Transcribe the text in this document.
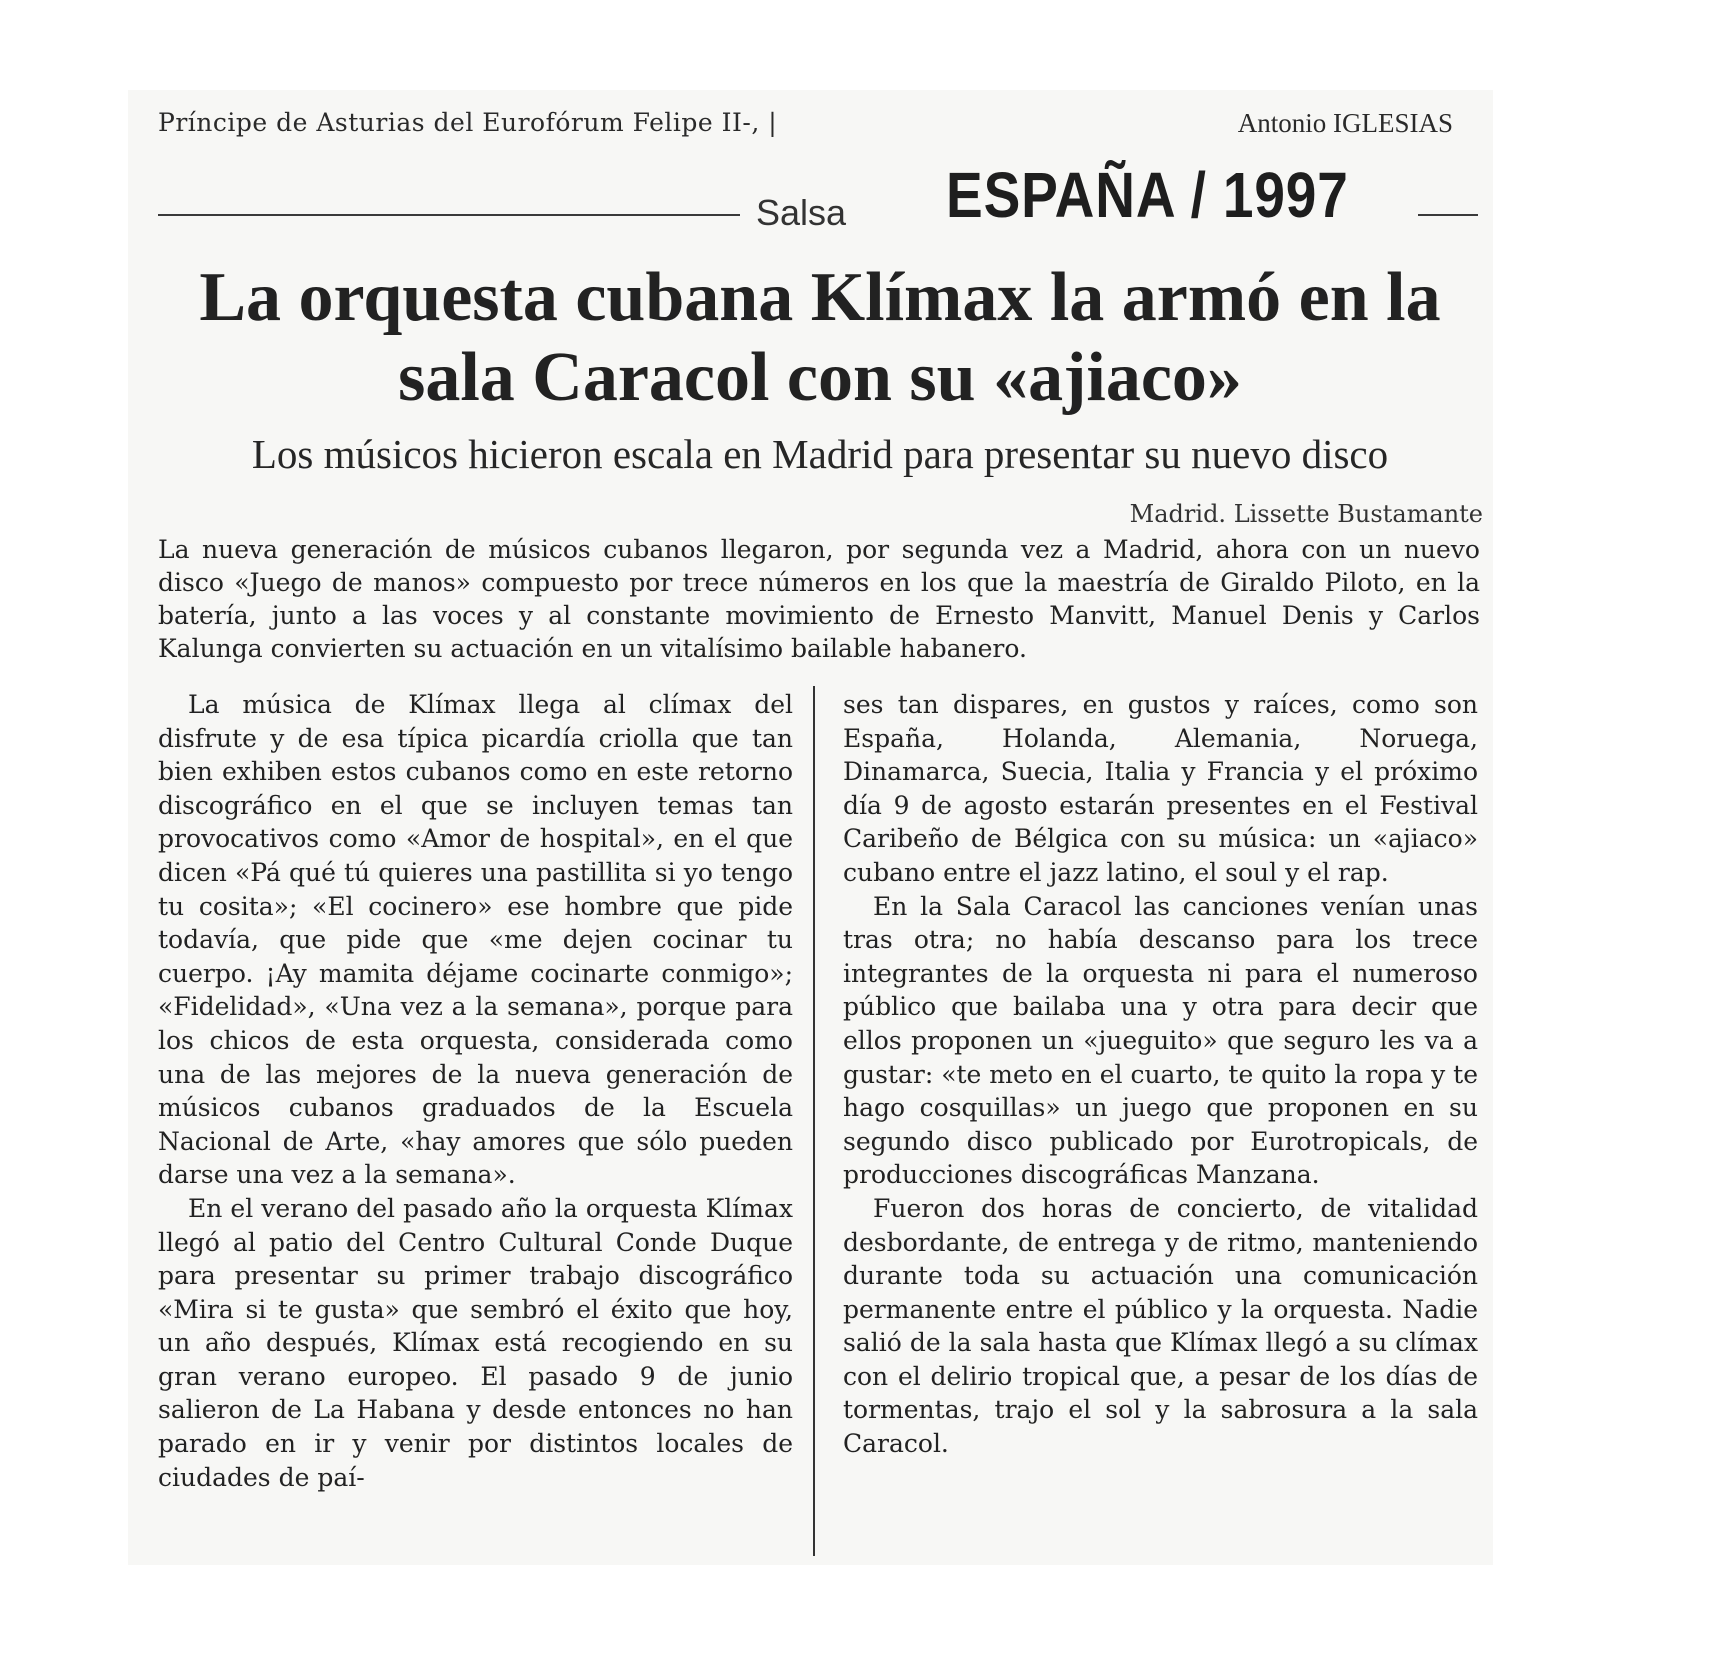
Príncipe de Asturias del Eurofórum Felipe II-, |	Antonio IGLESIAS
Salsa ESPAÑA / 1997
La orquesta cubana Klímax la armó en la sala Caracol con su «ajiaco»
Los músicos hicieron escala en Madrid para presentar su nuevo disco
Madrid. Lissette Bustamante

La nueva generación de músicos cubanos llegaron, por segunda vez a Madrid, ahora con un nuevo disco «Juego de manos» compuesto por trece números en los que la maestría de Giraldo Piloto, en la batería, junto a las voces y al constante movimiento de Ernesto Manvitt, Manuel Denis y Carlos Kalunga convierten su actuación en un vitalísimo bailable habanero.

La música de Klímax llega al clímax del disfrute y de esa típica picardía criolla que tan bien exhiben estos cubanos como en este retorno discográfico en el que se incluyen temas tan provocativos como «Amor de hospital», en el que dicen «Pá qué tú quieres una pastillita si yo tengo tu cosita»; «El cocinero» ese hombre que pide todavía, que pide que «me dejen cocinar tu cuerpo. ¡Ay mamita déjame cocinarte conmigo»; «Fidelidad», «Una vez a la semana», porque para los chicos de esta orquesta, considerada como una de las mejores de la nueva generación de músicos cubanos graduados de la Escuela Nacional de Arte, «hay amores que sólo pueden darse una vez a la semana».

En el verano del pasado año la orquesta Klímax llegó al patio del Centro Cultural Conde Duque para presentar su primer trabajo discográfico «Mira si te gusta» que sembró el éxito que hoy, un año después, Klímax está recogiendo en su gran verano europeo. El pasado 9 de junio salieron de La Habana y desde entonces no han parado en ir y venir por distintos locales de ciudades de paí-

ses tan dispares, en gustos y raíces, como son España, Holanda, Alemania, Noruega, Dinamarca, Suecia, Italia y Francia y el próximo día 9 de agosto estarán presentes en el Festival Caribeño de Bélgica con su música: un «ajiaco» cubano entre el jazz latino, el soul y el rap.

En la Sala Caracol las canciones venían unas tras otra; no había descanso para los trece integrantes de la orquesta ni para el numeroso público que bailaba una y otra para decir que ellos proponen un «jueguito» que seguro les va a gustar: «te meto en el cuarto, te quito la ropa y te hago cosquillas» un juego que proponen en su segundo disco publicado por Eurotropicals, de producciones discográficas Manzana.

Fueron dos horas de concierto, de vitalidad desbordante, de entrega y de ritmo, manteniendo durante toda su actuación una comunicación permanente entre el público y la orquesta. Nadie salió de la sala hasta que Klímax llegó a su clímax con el delirio tropical que, a pesar de los días de tormentas, trajo el sol y la sabrosura a la sala Caracol.
